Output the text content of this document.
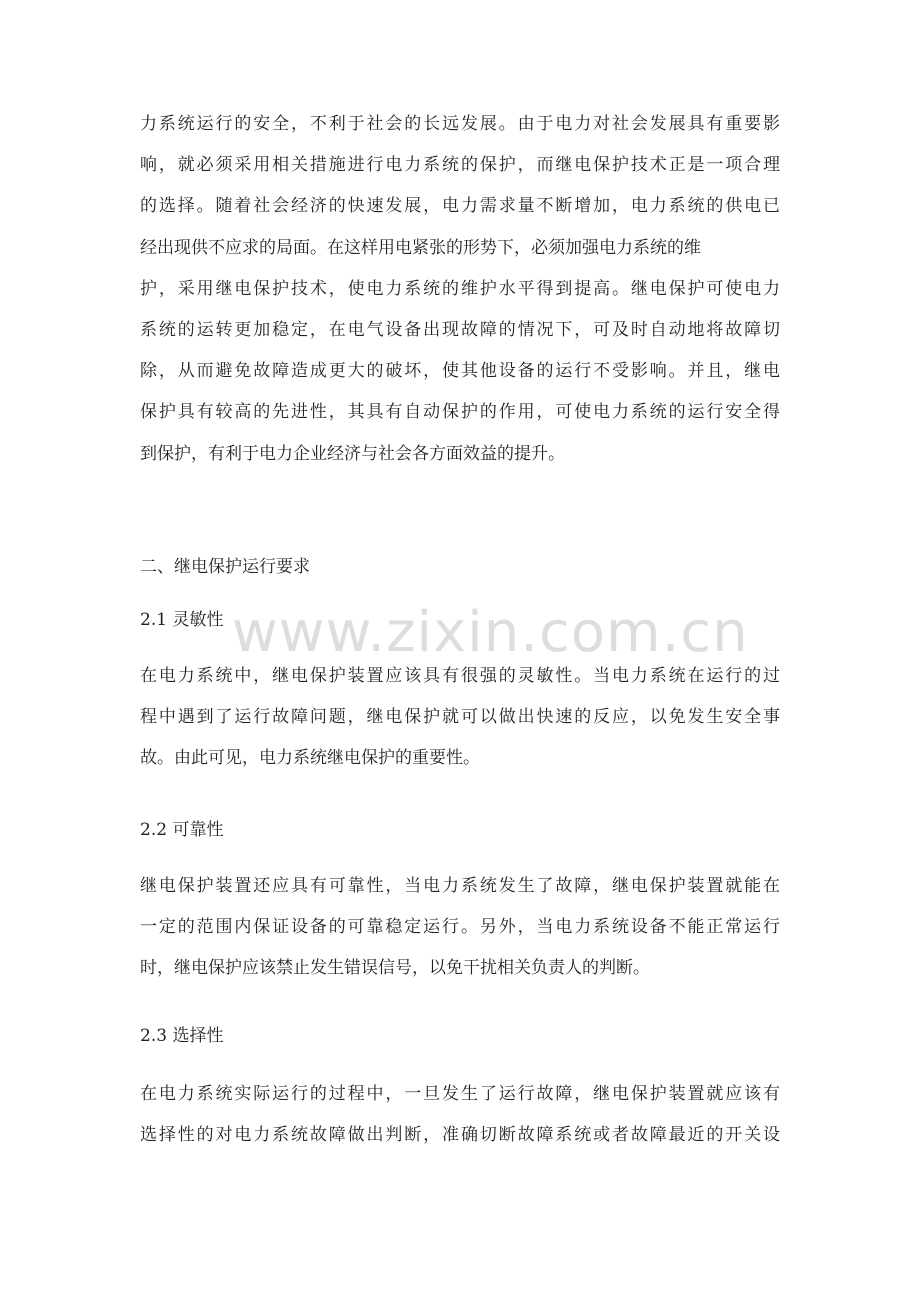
力系统运行的安全，不利于社会的长远发展。由于电力对社会发展具有重要影
响，就必须采用相关措施进行电力系统的保护，而继电保护技术正是一项合理
的选择。随着社会经济的快速发展，电力需求量不断增加，电力系统的供电已
经出现供不应求的局面。在这样用电紧张的形势下，必须加强电力系统的维
护，采用继电保护技术，使电力系统的维护水平得到提高。继电保护可使电力
系统的运转更加稳定，在电气设备出现故障的情况下，可及时自动地将故障切
除，从而避免故障造成更大的破坏，使其他设备的运行不受影响。并且，继电
保护具有较高的先进性，其具有自动保护的作用，可使电力系统的运行安全得
到保护，有利于电力企业经济与社会各方面效益的提升。
二、继电保护运行要求
2.1 灵敏性
在电力系统中，继电保护装置应该具有很强的灵敏性。当电力系统在运行的过
程中遇到了运行故障问题，继电保护就可以做出快速的反应，以免发生安全事
故。由此可见，电力系统继电保护的重要性。
2.2 可靠性
继电保护装置还应具有可靠性，当电力系统发生了故障，继电保护装置就能在
一定的范围内保证设备的可靠稳定运行。另外，当电力系统设备不能正常运行
时，继电保护应该禁止发生错误信号，以免干扰相关负责人的判断。
2.3 选择性
在电力系统实际运行的过程中，一旦发生了运行故障，继电保护装置就应该有
选择性的对电力系统故障做出判断，准确切断故障系统或者故障最近的开关设
www.zixin.com.cn
